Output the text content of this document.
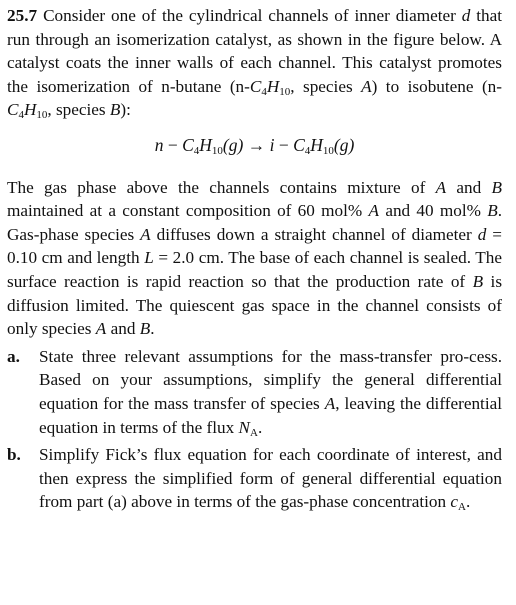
25.7 Consider one of the cylindrical channels of inner diameter d that run through an isomerization catalyst, as shown in the figure below. A catalyst coats the inner walls of each channel. This catalyst promotes the isomerization of n-butane ($n-C_4H_{10}$, species A) to isobutene ($n-C_4H_{10}$, species B):

$n - C_4H_{10}(g) \to i - C_4H_{10}(g)$

The gas phase above the channels contains mixture of A and B maintained at a constant composition of 60 mol% A and 40 mol% B. Gas-phase species A diffuses down a straight channel of diameter d = 0.10 cm and length L = 2.0 cm. The base of each channel is sealed. The surface reaction is rapid reaction so that the production rate of B is diffusion limited. The quiescent gas space in the channel consists of only species A and B.

a.	State three relevant assumptions for the mass-transfer pro-cess. Based on your assumptions, simplify the general differential equation for the mass transfer of species A, leaving the differential equation in terms of the flux $N_A$.
b.	Simplify Fick’s flux equation for each coordinate of interest, and then express the simplified form of general differential equation from part (a) above in terms of the gas-phase concentration $c_A$.
